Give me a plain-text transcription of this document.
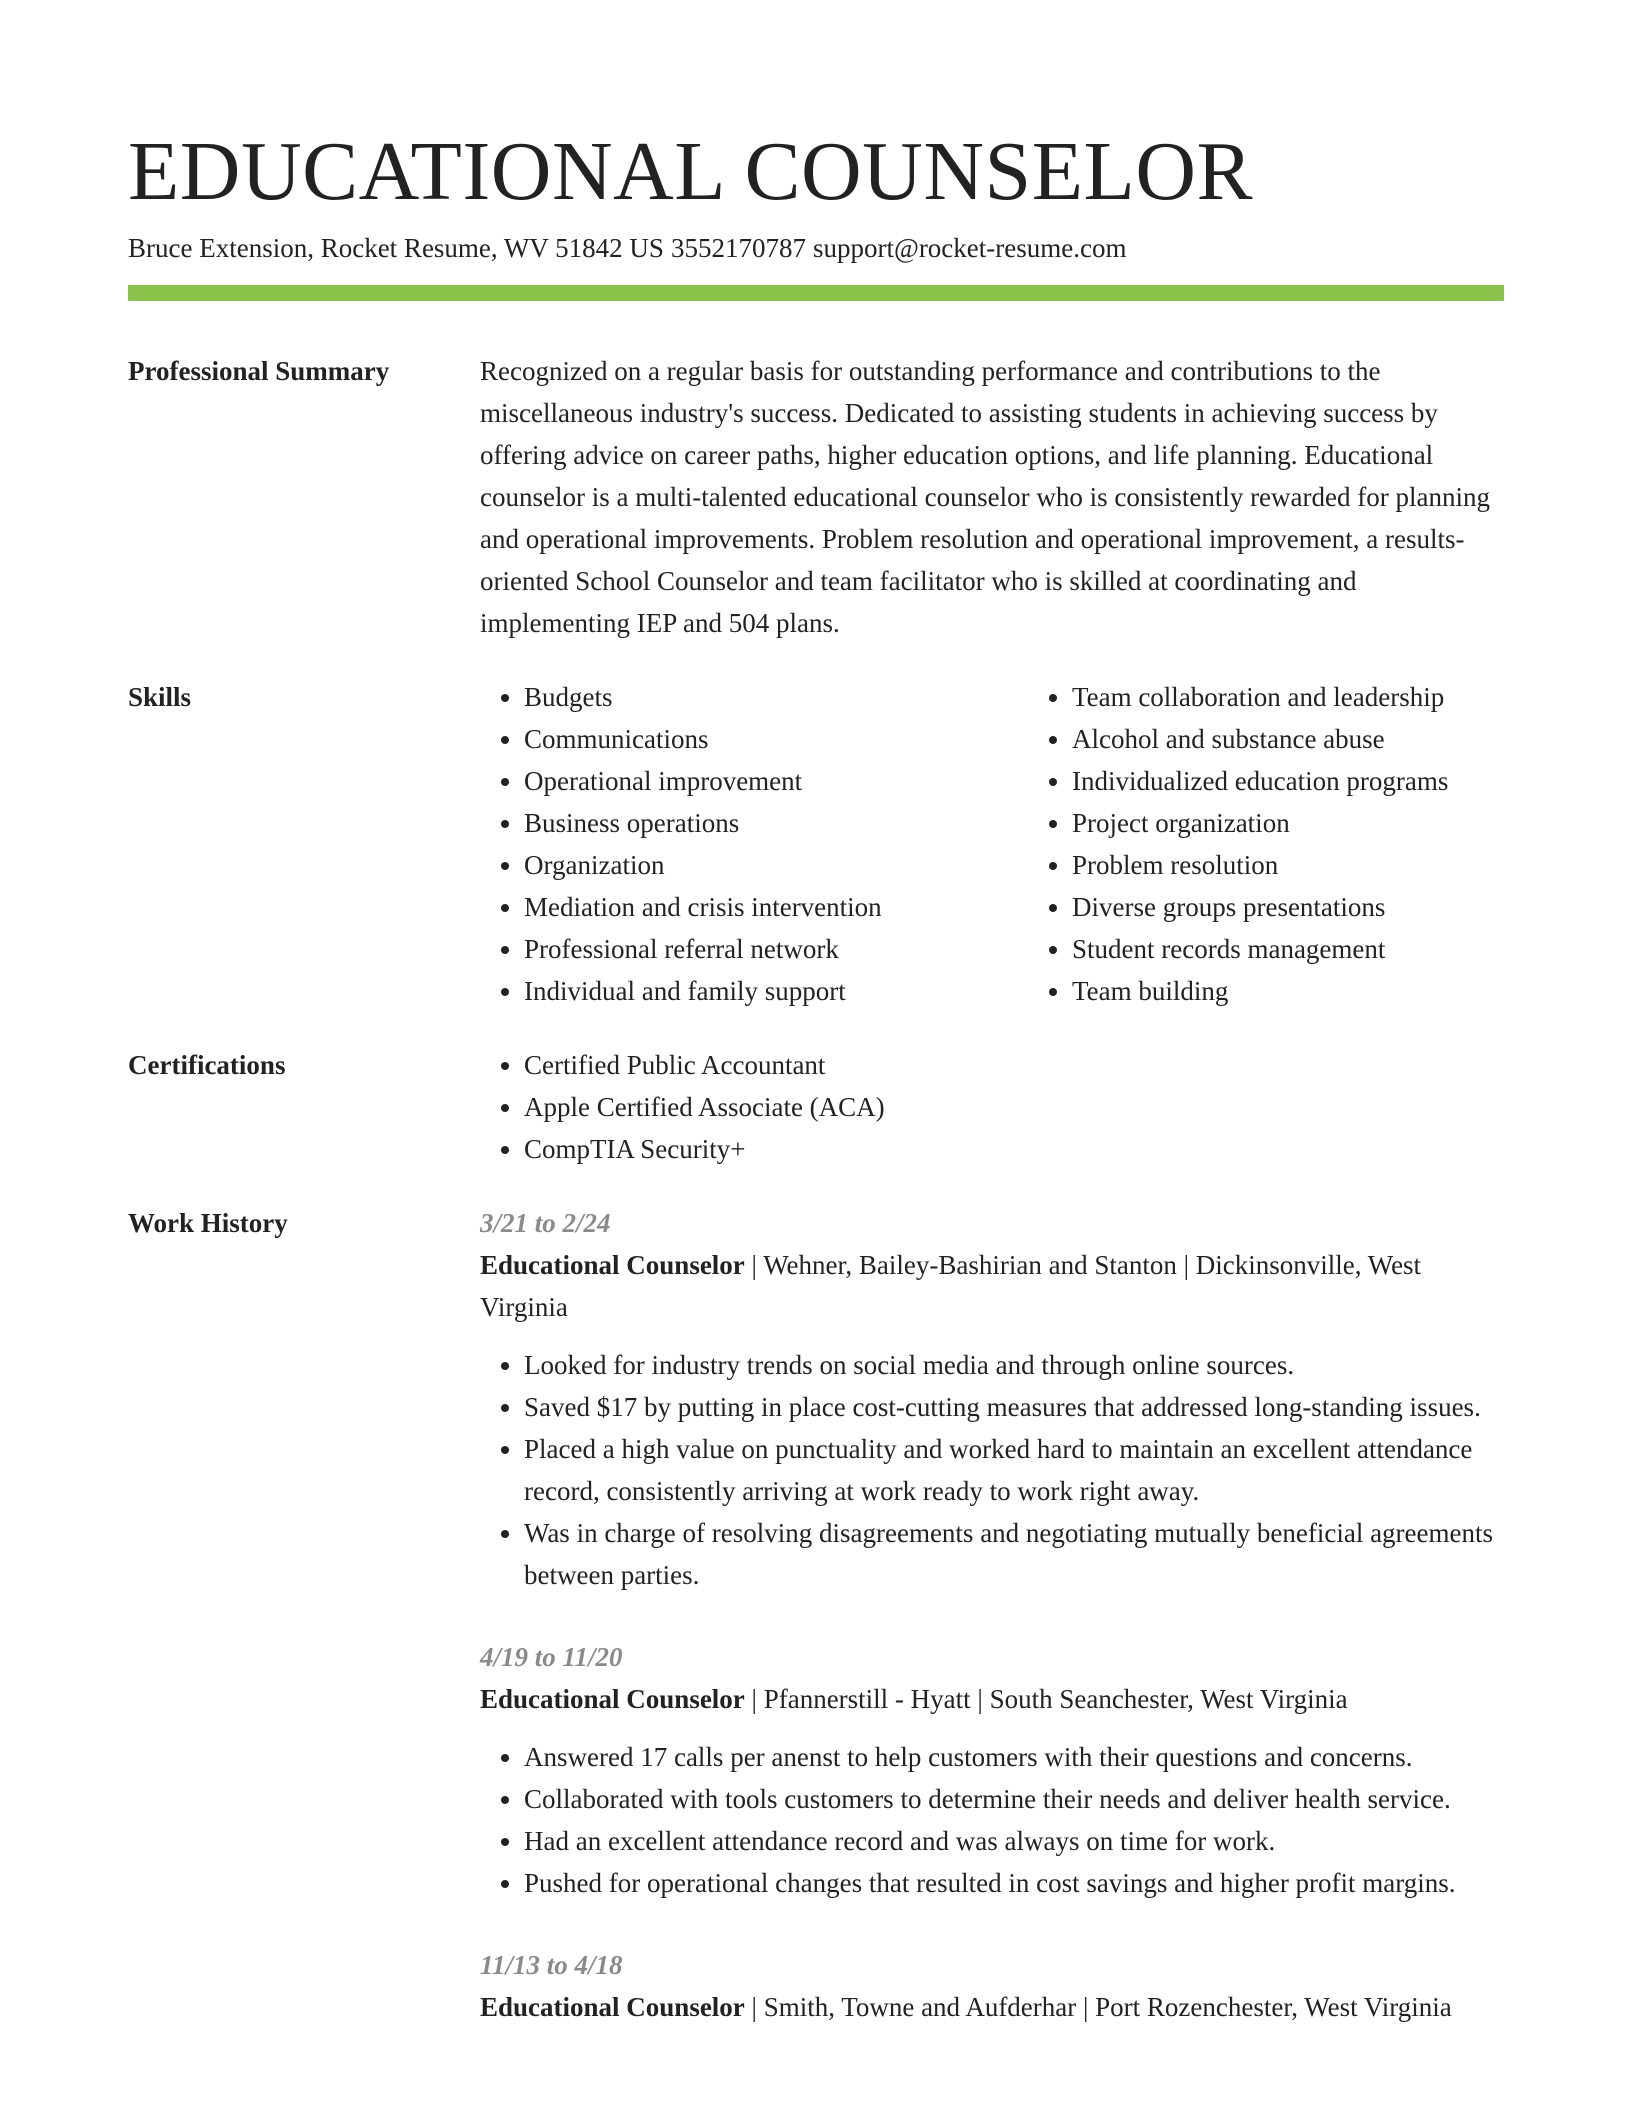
EDUCATIONAL COUNSELOR
Bruce Extension, Rocket Resume, WV 51842 US 3552170787 support@rocket-resume.com
Professional Summary	Recognized on a regular basis for outstanding performance and contributions to the miscellaneous industry's success. Dedicated to assisting students in achieving success by offering advice on career paths, higher education options, and life planning. Educational counselor is a multi-talented educational counselor who is consistently rewarded for planning and operational improvements. Problem resolution and operational improvement, a results-oriented School Counselor and team facilitator who is skilled at coordinating and implementing IEP and 504 plans.

Skills	• Budgets
• Communications
• Operational improvement
• Business operations
• Organization
• Mediation and crisis intervention
• Professional referral network
• Individual and family support
• Team collaboration and leadership
• Alcohol and substance abuse
• Individualized education programs
• Project organization
• Problem resolution
• Diverse groups presentations
• Student records management
• Team building
Certifications	• Certified Public Accountant
• Apple Certified Associate (ACA)
• CompTIA Security+
Work History	3/21 to 2/24
Educational Counselor | Wehner, Bailey-Bashirian and Stanton | Dickinsonville, West Virginia
• Looked for industry trends on social media and through online sources.
• Saved $17 by putting in place cost-cutting measures that addressed long-standing issues.
• Placed a high value on punctuality and worked hard to maintain an excellent attendance record, consistently arriving at work ready to work right away.
• Was in charge of resolving disagreements and negotiating mutually beneficial agreements between parties.
4/19 to 11/20
Educational Counselor | Pfannerstill - Hyatt | South Seanchester, West Virginia
• Answered 17 calls per anenst to help customers with their questions and concerns.
• Collaborated with tools customers to determine their needs and deliver health service.
• Had an excellent attendance record and was always on time for work.
• Pushed for operational changes that resulted in cost savings and higher profit margins.
11/13 to 4/18
Educational Counselor | Smith, Towne and Aufderhar | Port Rozenchester, West Virginia
